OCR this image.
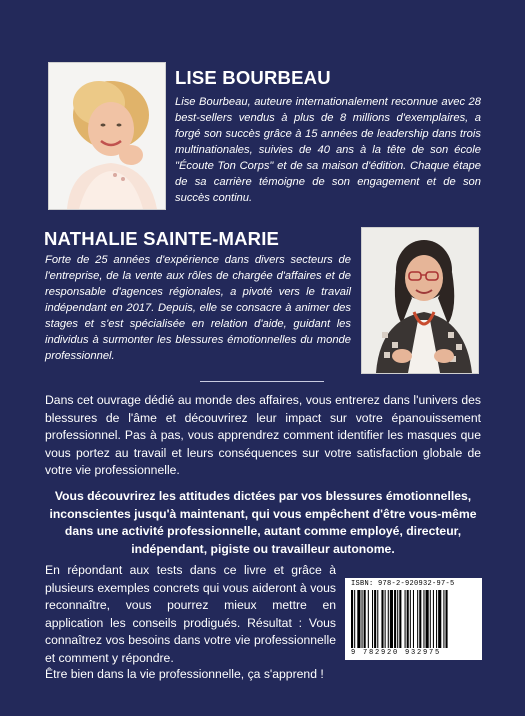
LISE BOURBEAU
Lise Bourbeau, auteure internationalement reconnue avec 28 best-sellers vendus à plus de 8 millions d'exemplaires, a forgé son succès grâce à 15 années de leadership dans trois multinationales, suivies de 40 ans à la tête de son école "Écoute Ton Corps" et de sa maison d'édition. Chaque étape de sa carrière témoigne de son engagement et de son succès continu.
NATHALIE SAINTE-MARIE
Forte de 25 années d'expérience dans divers secteurs de l'entreprise, de la vente aux rôles de chargée d'affaires et de responsable d'agences régionales, a pivoté vers le travail indépendant en 2017. Depuis, elle se consacre à animer des stages et s'est spécialisée en relation d'aide, guidant les individus à surmonter les blessures émotionnelles du monde professionnel.
Dans cet ouvrage dédié au monde des affaires, vous entrerez dans l'univers des blessures de l'âme et découvrirez leur impact sur votre épanouissement professionnel. Pas à pas, vous apprendrez comment identifier les masques que vous portez au travail et leurs conséquences sur votre satisfaction globale de votre vie professionnelle.
Vous découvrirez les attitudes dictées par vos blessures émotionnelles, inconscientes jusqu'à maintenant, qui vous empêchent d'être vous-même dans une activité professionnelle, autant comme employé, directeur, indépendant, pigiste ou travailleur autonome.
En répondant aux tests dans ce livre et grâce à plusieurs exemples concrets qui vous aideront à vous reconnaître, vous pourrez mieux mettre en application les conseils prodigués. Résultat : Vous connaîtrez vos besoins dans votre vie professionnelle et comment y répondre.
Être bien dans la vie professionnelle, ça s'apprend !
ISBN: 978-2-920932-97-5
9 782920 932975
